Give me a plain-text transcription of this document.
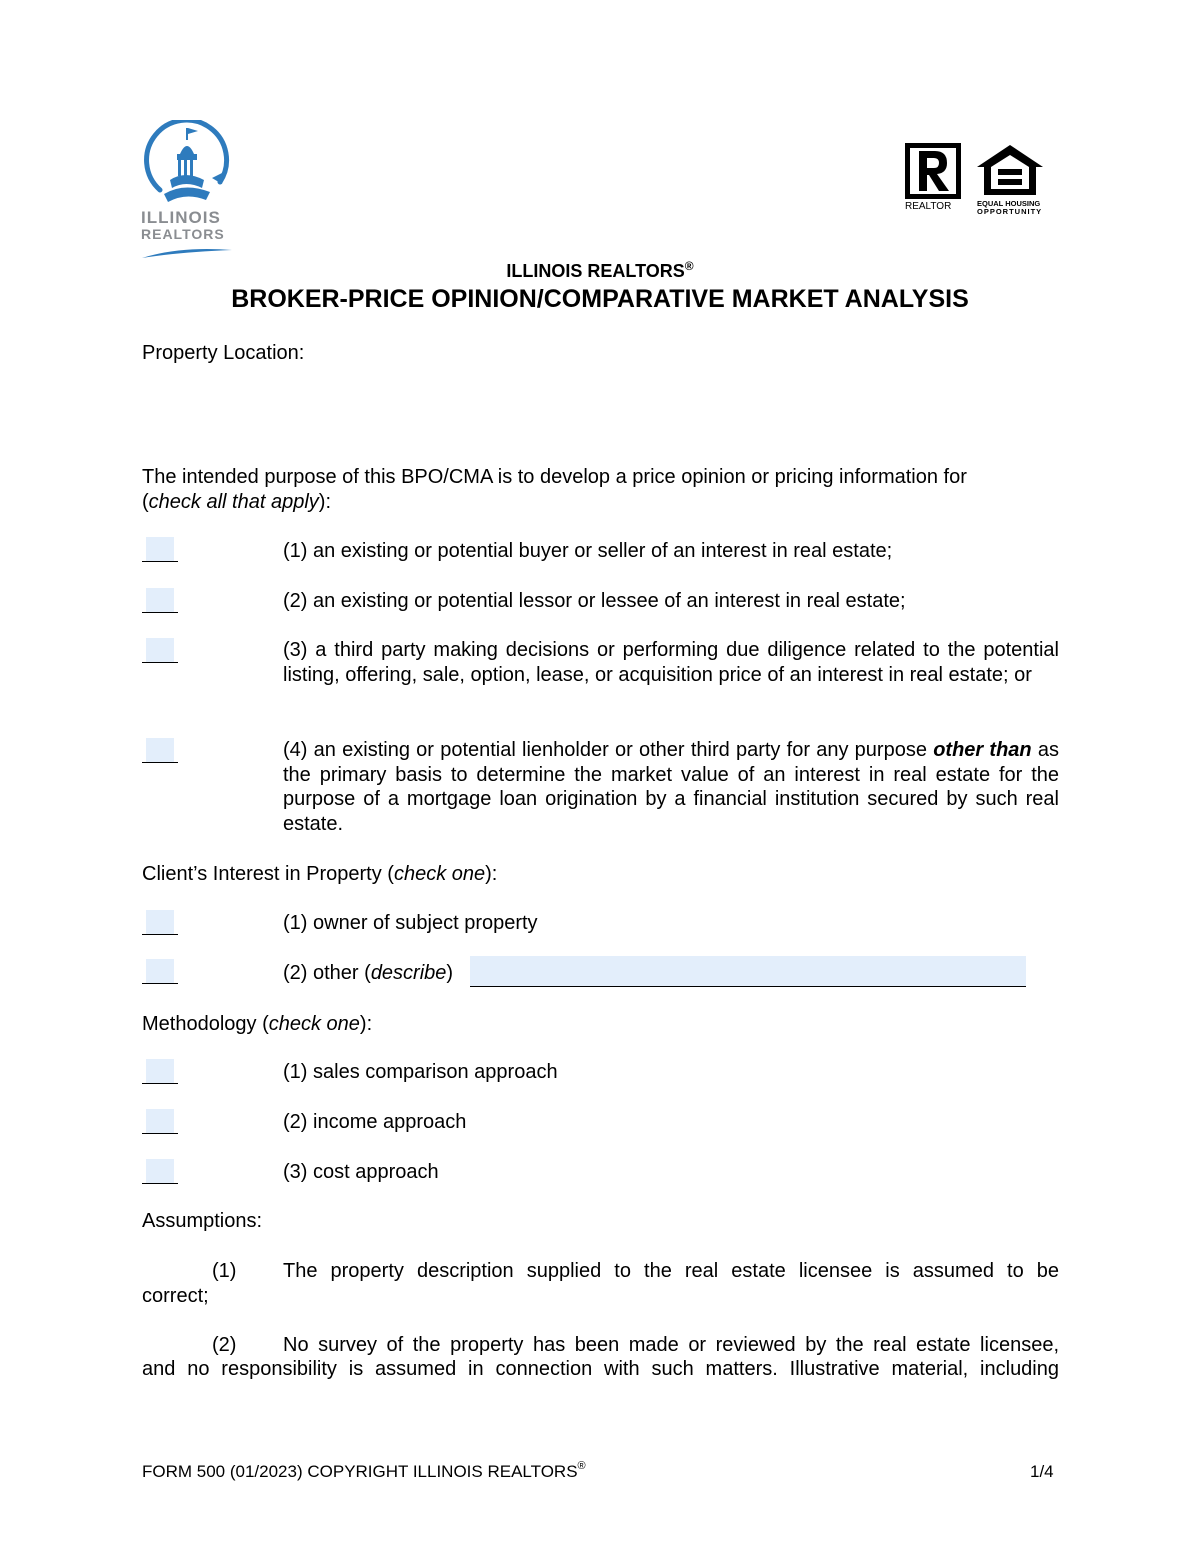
ILLINOIS
REALTORS
REALTOR	EQUAL HOUSING
OPPORTUNITY
ILLINOIS REALTORS®
BROKER-PRICE OPINION/COMPARATIVE MARKET ANALYSIS
Property Location:
The intended purpose of this BPO/CMA is to develop a price opinion or pricing information for
(check all that apply):
(1) an existing or potential buyer or seller of an interest in real estate;
(2) an existing or potential lessor or lessee of an interest in real estate;
(3) a third party making decisions or performing due diligence related to the potential listing, offering, sale, option, lease, or acquisition price of an interest in real estate; or
(4) an existing or potential lienholder or other third party for any purpose other than as the primary basis to determine the market value of an interest in real estate for the purpose of a mortgage loan origination by a financial institution secured by such real estate.
Client’s Interest in Property (check one):
(1) owner of subject property
(2) other (describe)
Methodology (check one):
(1) sales comparison approach
(2) income approach
(3) cost approach
Assumptions:
(1) The property description supplied to the real estate licensee is assumed to be
correct;
(2) No survey of the property has been made or reviewed by the real estate licensee,
and no responsibility is assumed in connection with such matters. Illustrative material, including
FORM 500 (01/2023) COPYRIGHT ILLINOIS REALTORS®	1/4
